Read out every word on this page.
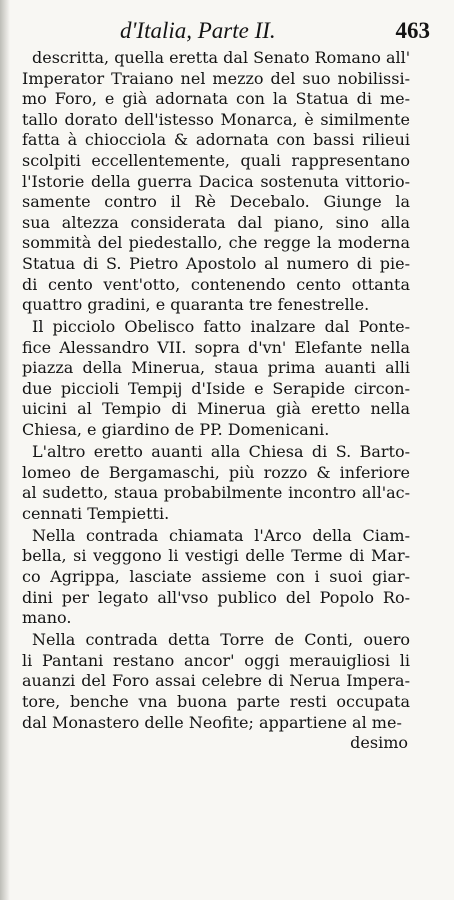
d'Italia, Parte II.	463
descritta, quella eretta dal Senato Romano all'
Imperator Traiano nel mezzo del suo nobilissi-
mo Foro, e già adornata con la Statua di me-
tallo dorato dell'istesso Monarca, è similmente
fatta à chiocciola & adornata con bassi rilieui
scolpiti eccellentemente, quali rappresentano
l'Istorie della guerra Dacica sostenuta vittorio-
samente contro il Rè Decebalo. Giunge la
sua altezza considerata dal piano, sino alla
sommità del piedestallo, che regge la moderna
Statua di S. Pietro Apostolo al numero di pie-
di cento vent'otto, contenendo cento ottanta
quattro gradini, e quaranta tre fenestrelle.
Il picciolo Obelisco fatto inalzare dal Ponte-
fice Alessandro VII. sopra d'vn' Elefante nella
piazza della Minerua, staua prima auanti alli
due piccioli Tempij d'Iside e Serapide circon-
uicini al Tempio di Minerua già eretto nella
Chiesa, e giardino de PP. Domenicani.
L'altro eretto auanti alla Chiesa di S. Barto-
lomeo de Bergamaschi, più rozzo & inferiore
al sudetto, staua probabilmente incontro all'ac-
cennati Tempietti.
Nella contrada chiamata l'Arco della Ciam-
bella, si veggono li vestigi delle Terme di Mar-
co Agrippa, lasciate assieme con i suoi giar-
dini per legato all'vso publico del Popolo Ro-
mano.
Nella contrada detta Torre de Conti, ouero
li Pantani restano ancor' oggi merauigliosi li
auanzi del Foro assai celebre di Nerua Impera-
tore, benche vna buona parte resti occupata
dal Monastero delle Neofite; appartiene al me-
desimo
